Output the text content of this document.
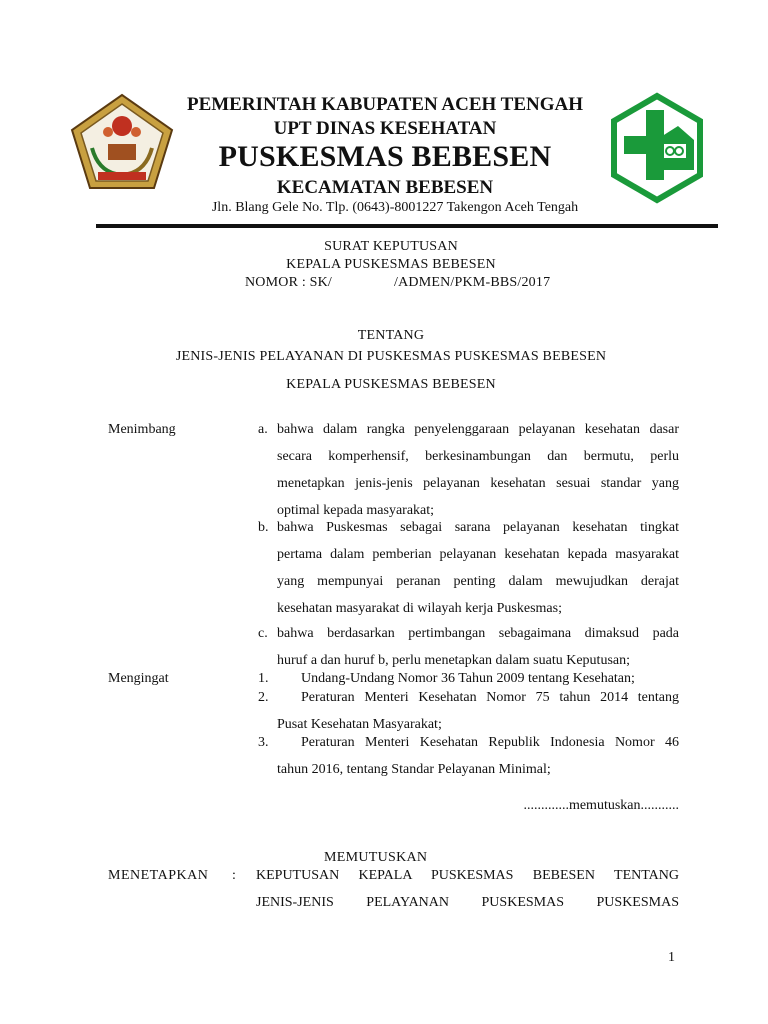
PEMERINTAH KABUPATEN ACEH TENGAH
UPT DINAS KESEHATAN
PUSKESMAS BEBESEN
KECAMATAN BEBESEN
Jln. Blang Gele No. Tlp. (0643)-8001227 Takengon Aceh Tengah
SURAT KEPUTUSAN
KEPALA PUSKESMAS BEBESEN
NOMOR : SK/	/ADMEN/PKM-BBS/2017
TENTANG
JENIS-JENIS PELAYANAN DI PUSKESMAS PUSKESMAS BEBESEN
KEPALA PUSKESMAS BEBESEN
Menimbang	a. bahwa dalam rangka penyelenggaraan pelayanan kesehatan dasar
secara komperhensif, berkesinambungan dan bermutu, perlu
menetapkan jenis-jenis pelayanan kesehatan sesuai standar yang
optimal kepada masyarakat;
b. bahwa Puskesmas sebagai sarana pelayanan kesehatan tingkat
pertama dalam pemberian pelayanan kesehatan kepada masyarakat
yang mempunyai peranan penting dalam mewujudkan derajat
kesehatan masyarakat di wilayah kerja Puskesmas;
c. bahwa berdasarkan pertimbangan sebagaimana dimaksud pada
huruf a dan huruf b, perlu menetapkan dalam suatu Keputusan;
Mengingat	1. Undang-Undang Nomor 36 Tahun 2009 tentang Kesehatan;
2. Peraturan Menteri Kesehatan Nomor 75 tahun 2014 tentang
Pusat Kesehatan Masyarakat;
3. Peraturan Menteri Kesehatan Republik Indonesia Nomor 46
tahun 2016, tentang Standar Pelayanan Minimal;
.............memutuskan...........
MEMUTUSKAN
MENETAPKAN : KEPUTUSAN KEPALA PUSKESMAS BEBESEN TENTANG
JENIS-JENIS PELAYANAN PUSKESMAS PUSKESMAS
1
